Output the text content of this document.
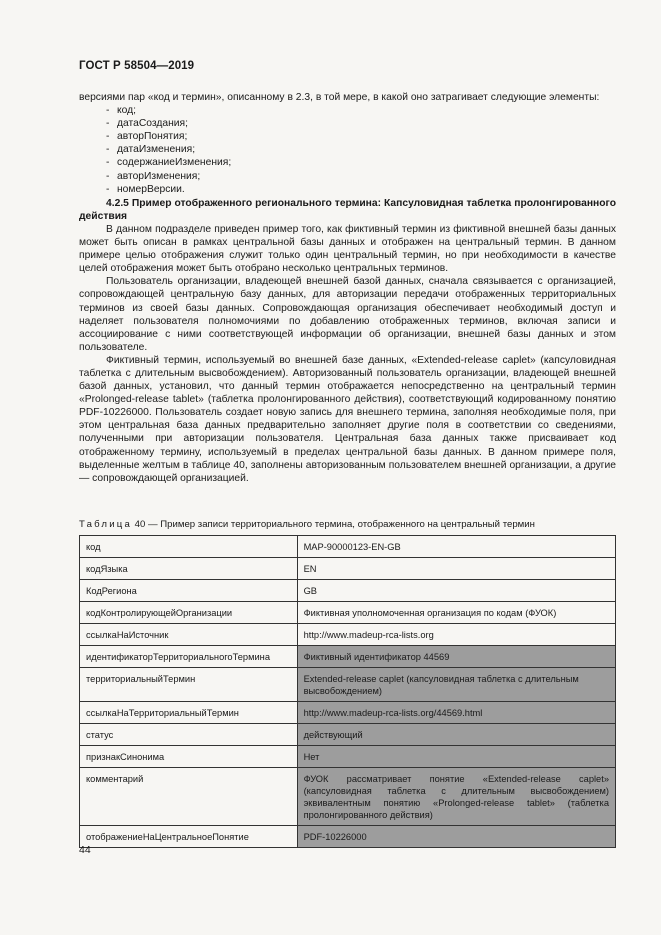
ГОСТ Р 58504—2019

версиями пар «код и термин», описанному в 2.3, в той мере, в какой оно затрагивает следующие элементы:

- код;
- датаСоздания;
- авторПонятия;
- датаИзменения;
- содержаниеИзменения;
- авторИзменения;
- номерВерсии.
4.2.5 Пример отображенного регионального термина: Капсуловидная таблетка пролонгированного действия

В данном подразделе приведен пример того, как фиктивный термин из фиктивной внешней базы данных может быть описан в рамках центральной базы данных и отображен на центральный термин. В данном примере целью отображения служит только один центральный термин, но при необходимости в качестве целей отображения может быть отобрано несколько центральных терминов.

Пользователь организации, владеющей внешней базой данных, сначала связывается с организацией, сопровождающей центральную базу данных, для авторизации передачи отображенных территориальных терминов из своей базы данных. Сопровождающая организация обеспечивает необходимый доступ и наделяет пользователя полномочиями по добавлению отображенных терминов, включая записи и ассоциирование с ними соответствующей информации об организации, внешней базы данных и этом пользователе.

Фиктивный термин, используемый во внешней базе данных, «Extended-release caplet» (капсуловидная таблетка с длительным высвобождением). Авторизованный пользователь организации, владеющей внешней базой данных, установил, что данный термин отображается непосредственно на центральный термин «Prolonged-release tablet» (таблетка пролонгированного действия), соответствующий кодированному понятию PDF-10226000. Пользователь создает новую запись для внешнего термина, заполняя необходимые поля, при этом центральная база данных предварительно заполняет другие поля в соответствии со сведениями, полученными при авторизации пользователя. Центральная база данных также присваивает код отображенному термину, используемый в пределах центральной базы данных. В данном примере поля, выделенные желтым в таблице 40, заполнены авторизованным пользователем внешней организации, а другие — сопровождающей организацией.

Таблица 40 — Пример записи территориального термина, отображенного на центральный термин
код	MAP-90000123-EN-GB
кодЯзыка	EN
КодРегиона	GB
кодКонтролирующейОрганизации	Фиктивная уполномоченная организация по кодам (ФУОК)
ссылкаНаИсточник	http://www.madeup-rca-lists.org
идентификаторТерриториальногоТермина	Фиктивный идентификатор 44569
территориальныйТермин	Extended-release caplet (капсуловидная таблетка с длительным высвобождением)
ссылкаНаТерриториальныйТермин	http://www.madeup-rca-lists.org/44569.html
статус	действующий
признакСинонима	Нет
комментарий	ФУОК рассматривает понятие «Extended-release caplet» (капсуловидная таблетка с длительным высвобождением) эквивалентным понятию «Prolonged-release tablet» (таблетка пролонгированного действия)
отображениеНаЦентральноеПонятие	PDF-10226000
44
